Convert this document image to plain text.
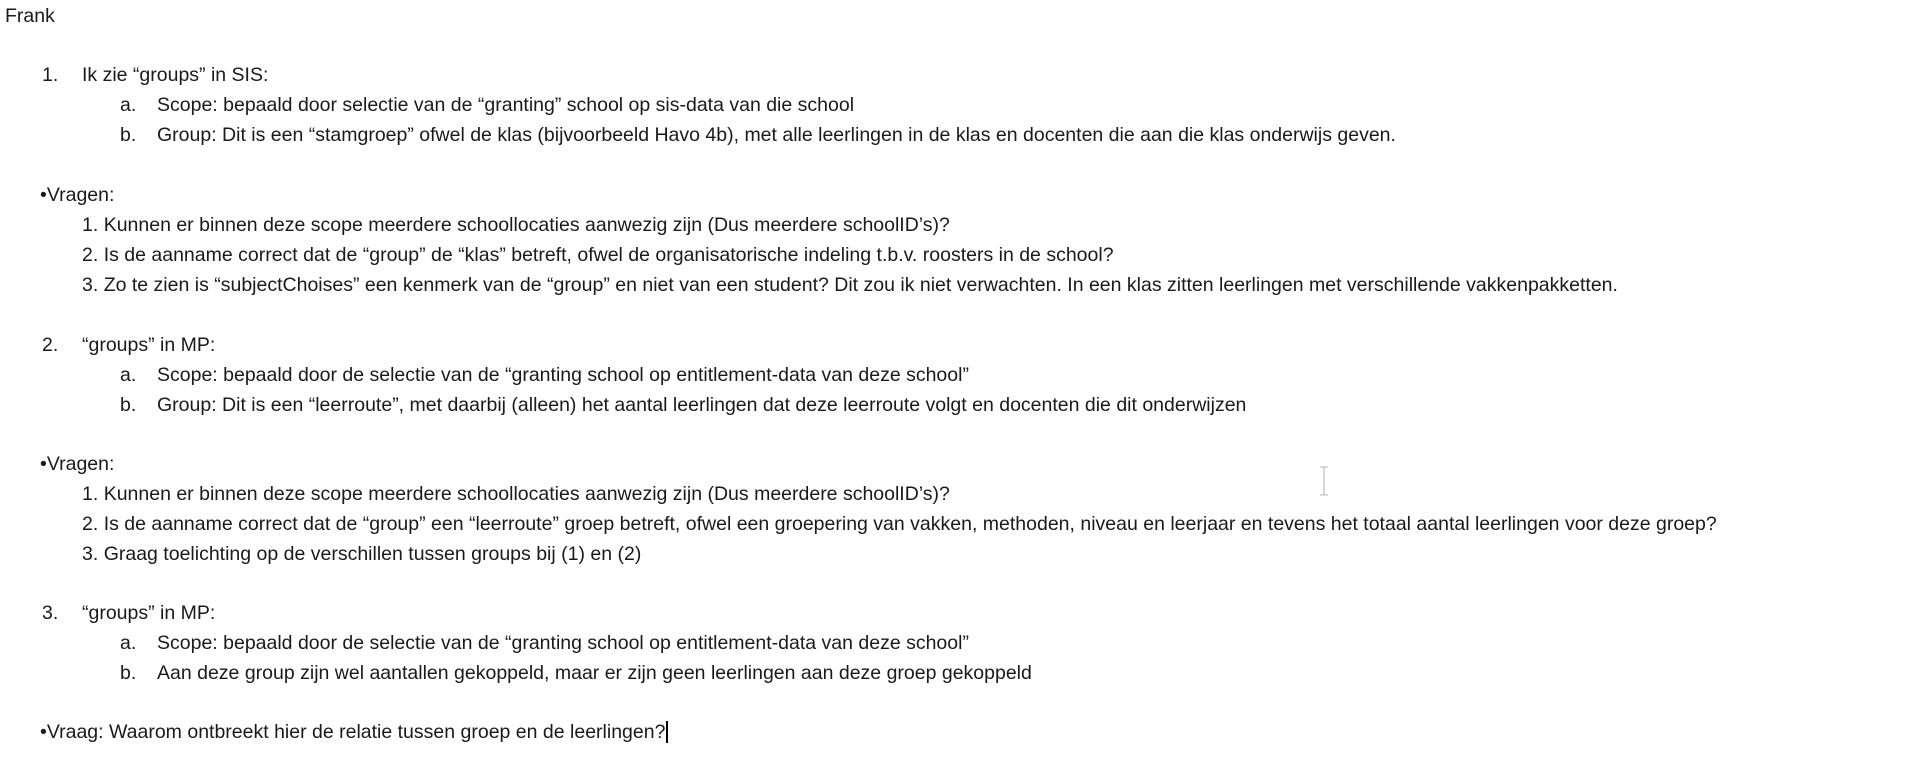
Frank
1. Ik zie “groups” in SIS:
a. Scope: bepaald door selectie van de “granting” school op sis-data van die school
b. Group: Dit is een “stamgroep” ofwel de klas (bijvoorbeeld Havo 4b), met alle leerlingen in de klas en docenten die aan die klas onderwijs geven.
•Vragen:
1. Kunnen er binnen deze scope meerdere schoollocaties aanwezig zijn (Dus meerdere schoolID’s)?
2. Is de aanname correct dat de “group” de “klas” betreft, ofwel de organisatorische indeling t.b.v. roosters in de school?
3. Zo te zien is “subjectChoises” een kenmerk van de “group” en niet van een student? Dit zou ik niet verwachten. In een klas zitten leerlingen met verschillende vakkenpakketten.
2. “groups” in MP:
a. Scope: bepaald door de selectie van de “granting school op entitlement-data van deze school”
b. Group: Dit is een “leerroute”, met daarbij (alleen) het aantal leerlingen dat deze leerroute volgt en docenten die dit onderwijzen
•Vragen:
1. Kunnen er binnen deze scope meerdere schoollocaties aanwezig zijn (Dus meerdere schoolID’s)?
2. Is de aanname correct dat de “group” een “leerroute” groep betreft, ofwel een groepering van vakken, methoden, niveau en leerjaar en tevens het totaal aantal leerlingen voor deze groep?
3. Graag toelichting op de verschillen tussen groups bij (1) en (2)
3. “groups” in MP:
a. Scope: bepaald door de selectie van de “granting school op entitlement-data van deze school”
b. Aan deze group zijn wel aantallen gekoppeld, maar er zijn geen leerlingen aan deze groep gekoppeld
•Vraag: Waarom ontbreekt hier de relatie tussen groep en de leerlingen?
